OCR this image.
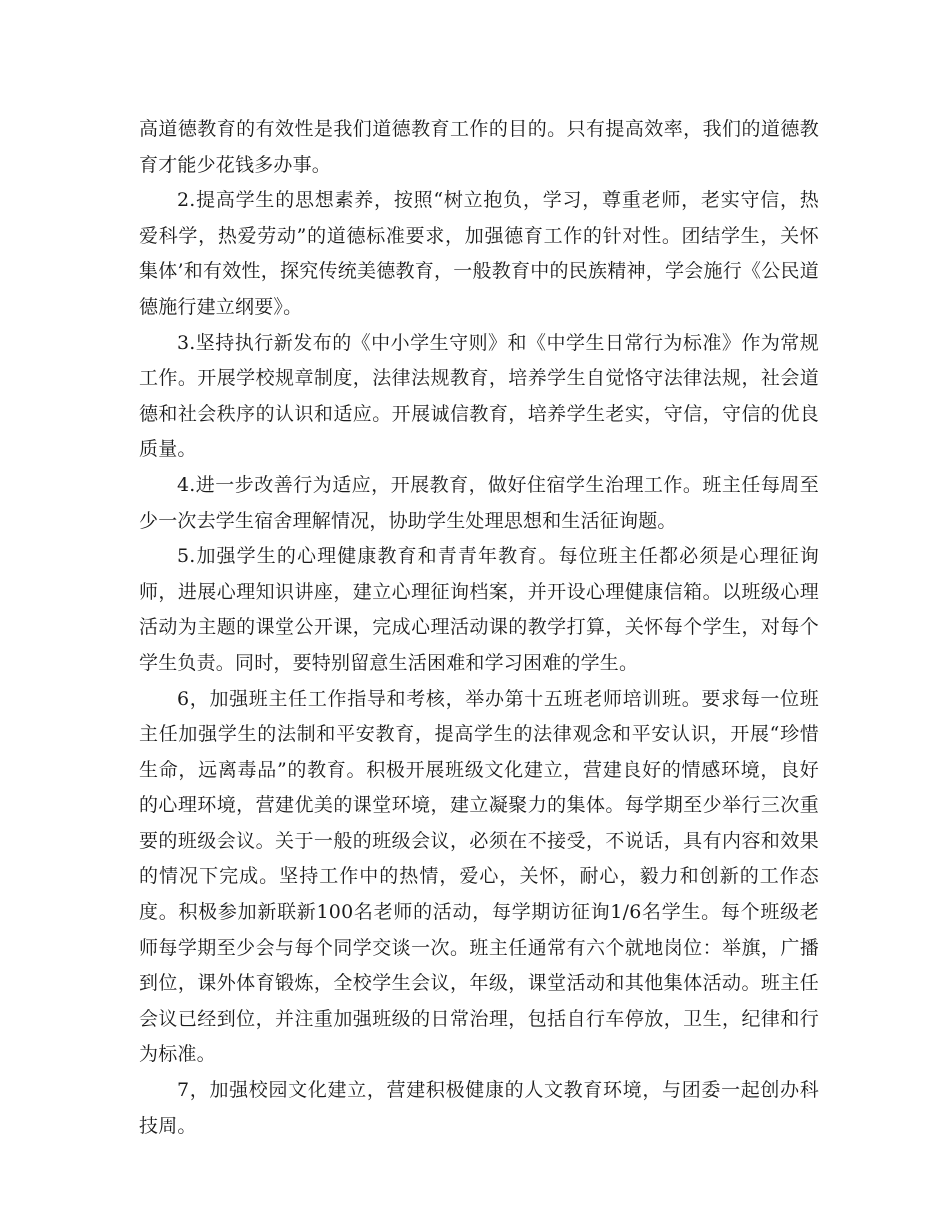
高道德教育的有效性是我们道德教育工作的目的。只有提高效率，我们的道德教育才能少花钱多办事。

2.提高学生的思想素养，按照“树立抱负，学习，尊重老师，老实守信，热爱科学，热爱劳动”的道德标准要求，加强德育工作的针对性。团结学生，关怀集体’和有效性，探究传统美德教育，一般教育中的民族精神，学会施行《公民道德施行建立纲要》。

3.坚持执行新发布的《中小学生守则》和《中学生日常行为标准》作为常规工作。开展学校规章制度，法律法规教育，培养学生自觉恪守法律法规，社会道德和社会秩序的认识和适应。开展诚信教育，培养学生老实，守信，守信的优良质量。

4.进一步改善行为适应，开展教育，做好住宿学生治理工作。班主任每周至少一次去学生宿舍理解情况，协助学生处理思想和生活征询题。

5.加强学生的心理健康教育和青青年教育。每位班主任都必须是心理征询师，进展心理知识讲座，建立心理征询档案，并开设心理健康信箱。以班级心理活动为主题的课堂公开课，完成心理活动课的教学打算，关怀每个学生，对每个学生负责。同时，要特别留意生活困难和学习困难的学生。

6，加强班主任工作指导和考核，举办第十五班老师培训班。要求每一位班主任加强学生的法制和平安教育，提高学生的法律观念和平安认识，开展“珍惜生命，远离毒品”的教育。积极开展班级文化建立，营建良好的情感环境，良好的心理环境，营建优美的课堂环境，建立凝聚力的集体。每学期至少举行三次重要的班级会议。关于一般的班级会议，必须在不接受，不说话，具有内容和效果的情况下完成。坚持工作中的热情，爱心，关怀，耐心，毅力和创新的工作态度。积极参加新联新100名老师的活动，每学期访征询1/6名学生。每个班级老师每学期至少会与每个同学交谈一次。班主任通常有六个就地岗位：举旗，广播到位，课外体育锻炼，全校学生会议，年级，课堂活动和其他集体活动。班主任会议已经到位，并注重加强班级的日常治理，包括自行车停放，卫生，纪律和行为标准。

7，加强校园文化建立，营建积极健康的人文教育环境，与团委一起创办科技周。
